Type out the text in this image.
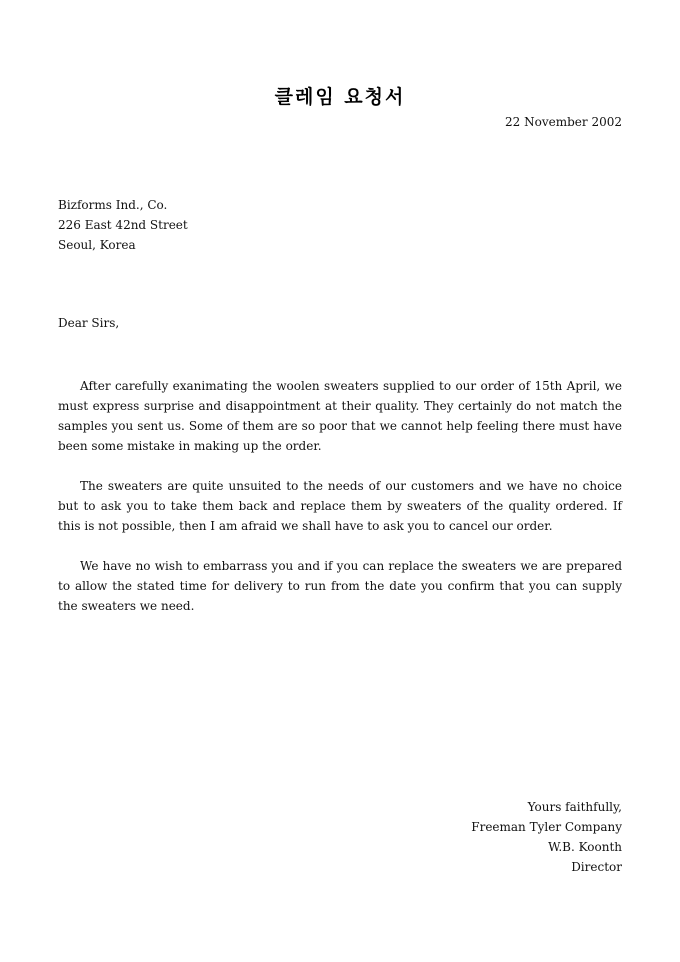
클레임 요청서
22 November 2002
Bizforms Ind., Co.
226 East 42nd Street
Seoul, Korea
Dear Sirs,

After carefully exanimating the woolen sweaters supplied to our order of 15th April, we must express surprise and disappointment at their quality. They certainly do not match the samples you sent us. Some of them are so poor that we cannot help feeling there must have been some mistake in making up the order.

The sweaters are quite unsuited to the needs of our customers and we have no choice but to ask you to take them back and replace them by sweaters of the quality ordered. If this is not possible, then I am afraid we shall have to ask you to cancel our order.

We have no wish to embarrass you and if you can replace the sweaters we are prepared to allow the stated time for delivery to run from the date you confirm that you can supply the sweaters we need.

Yours faithfully,
Freeman Tyler Company
W.B. Koonth
Director
